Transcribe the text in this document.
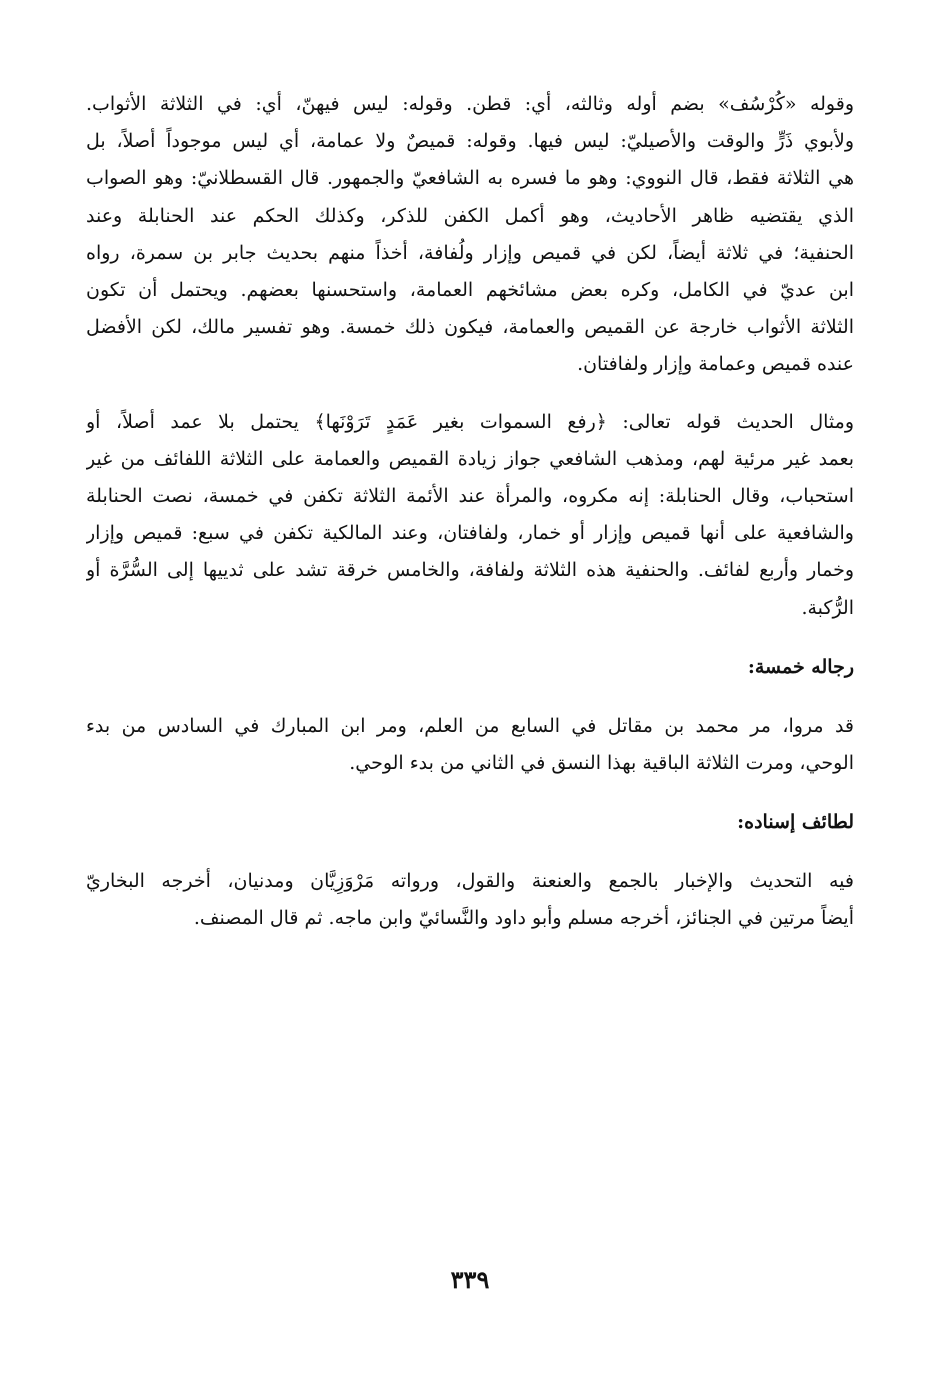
وقوله «كُرْسُف» بضم أوله وثالثه، أي: قطن. وقوله: ليس فيهنّ، أي: في الثلاثة الأثواب.
ولأبوي ذَرٍّ والوقت والأصيليّ: ليس فيها. وقوله: قميصٌ ولا عمامة، أي ليس موجوداً أصلاً، بل
هي الثلاثة فقط، قال النووي: وهو ما فسره به الشافعيّ والجمهور. قال القسطلانيّ: وهو الصواب
الذي يقتضيه ظاهر الأحاديث، وهو أكمل الكفن للذكر، وكذلك الحكم عند الحنابلة وعند
الحنفية؛ في ثلاثة أيضاً، لكن في قميص وإزار ولُفافة، أخذاً منهم بحديث جابر بن سمرة، رواه
ابن عديّ في الكامل، وكره بعض مشائخهم العمامة، واستحسنها بعضهم. ويحتمل أن تكون
الثلاثة الأثواب خارجة عن القميص والعمامة، فيكون ذلك خمسة. وهو تفسير مالك، لكن الأفضل
عنده قميص وعمامة وإزار ولفافتان.
ومثال الحديث قوله تعالى: ﴿رفع السموات بغير عَمَدٍ تَرَوْنَها﴾ يحتمل بلا عمد أصلاً، أو
بعمد غير مرئية لهم، ومذهب الشافعي جواز زيادة القميص والعمامة على الثلاثة اللفائف من غير
استحباب، وقال الحنابلة: إنه مكروه، والمرأة عند الأئمة الثلاثة تكفن في خمسة، نصت الحنابلة
والشافعية على أنها قميص وإزار أو خمار، ولفافتان، وعند المالكية تكفن في سبع: قميص وإزار
وخمار وأربع لفائف. والحنفية هذه الثلاثة ولفافة، والخامس خرقة تشد على ثدييها إلى السُّرَّة أو
الرُّكبة.
رجاله خمسة:
قد مروا، مر محمد بن مقاتل في السابع من العلم، ومر ابن المبارك في السادس من بدء
الوحي، ومرت الثلاثة الباقية بهذا النسق في الثاني من بدء الوحي.
لطائف إسناده:
فيه التحديث والإخبار بالجمع والعنعنة والقول، ورواته مَرْوَزِيَّان ومدنيان، أخرجه البخاريّ
أيضاً مرتين في الجنائز، أخرجه مسلم وأبو داود والنَّسائيّ وابن ماجه. ثم قال المصنف.
٣٣٩
